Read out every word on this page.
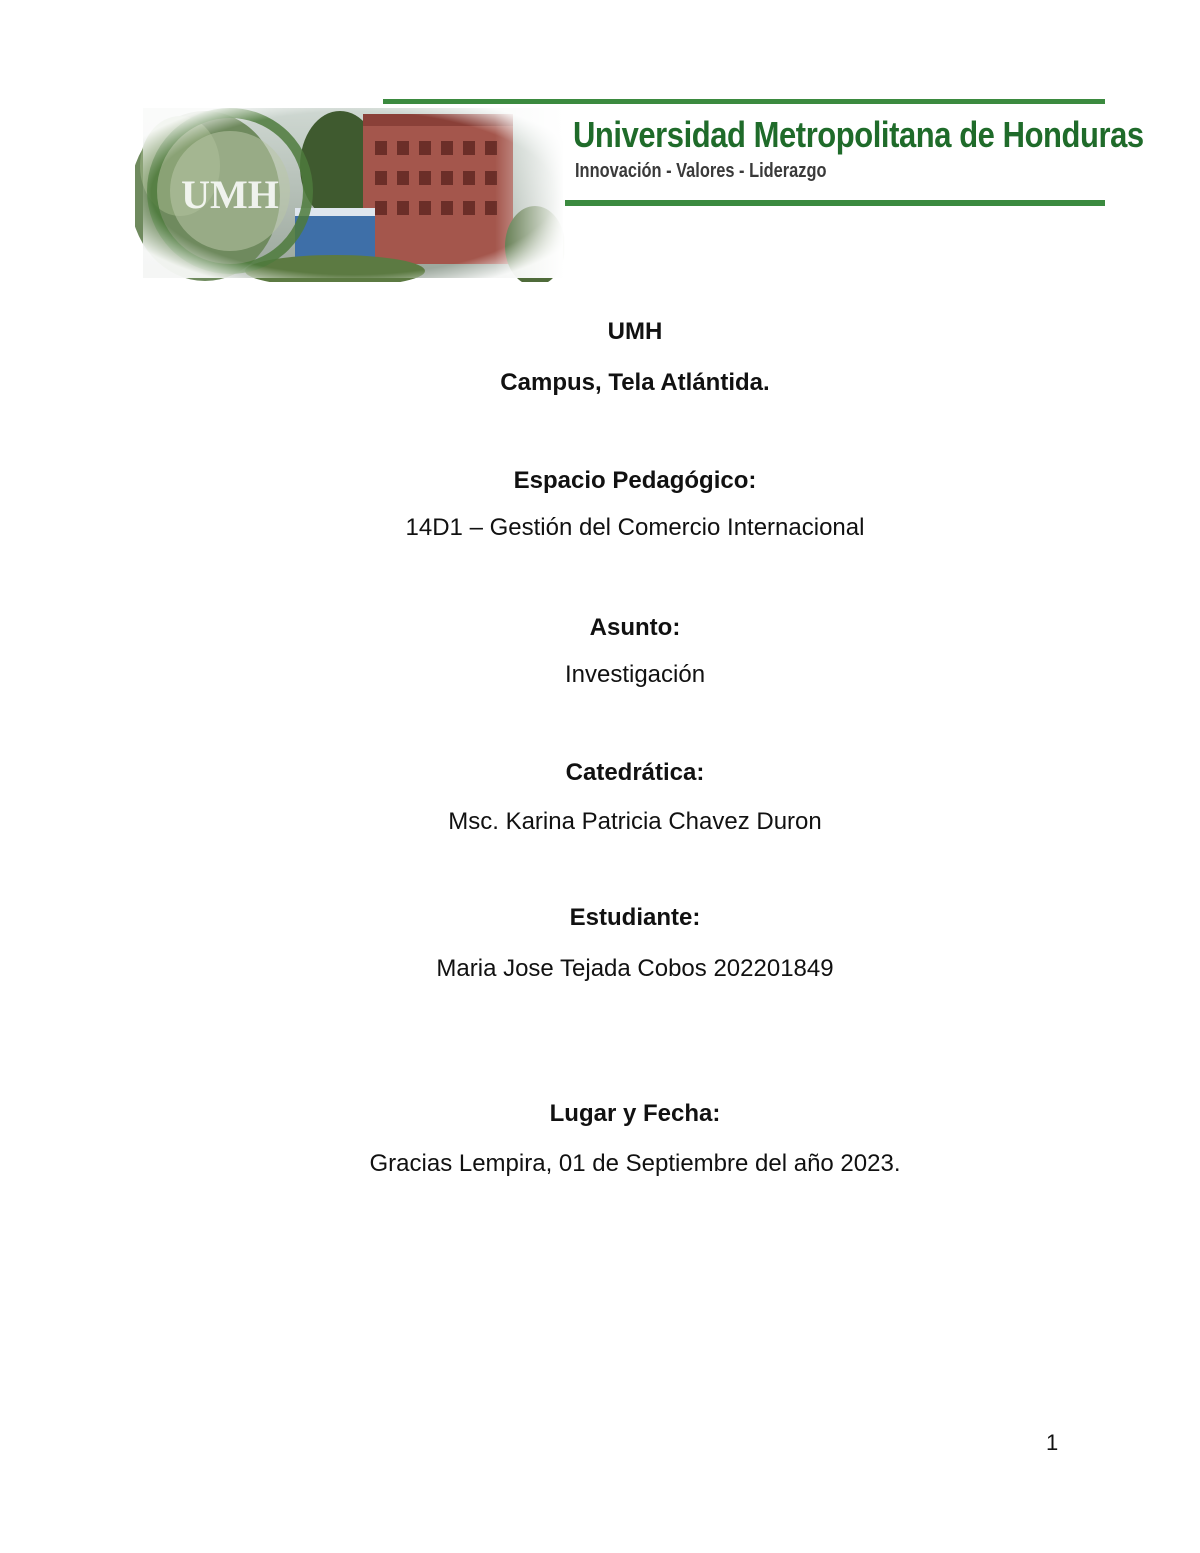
Universidad Metropolitana de Honduras
Innovación - Valores - Liderazgo
UMH
Campus, Tela Atlántida.
Espacio Pedagógico:
14D1 – Gestión del Comercio Internacional
Asunto:
Investigación
Catedrática:
Msc. Karina Patricia Chavez Duron
Estudiante:
Maria Jose Tejada Cobos 202201849
Lugar y Fecha:
Gracias Lempira, 01 de Septiembre del año 2023.
1
